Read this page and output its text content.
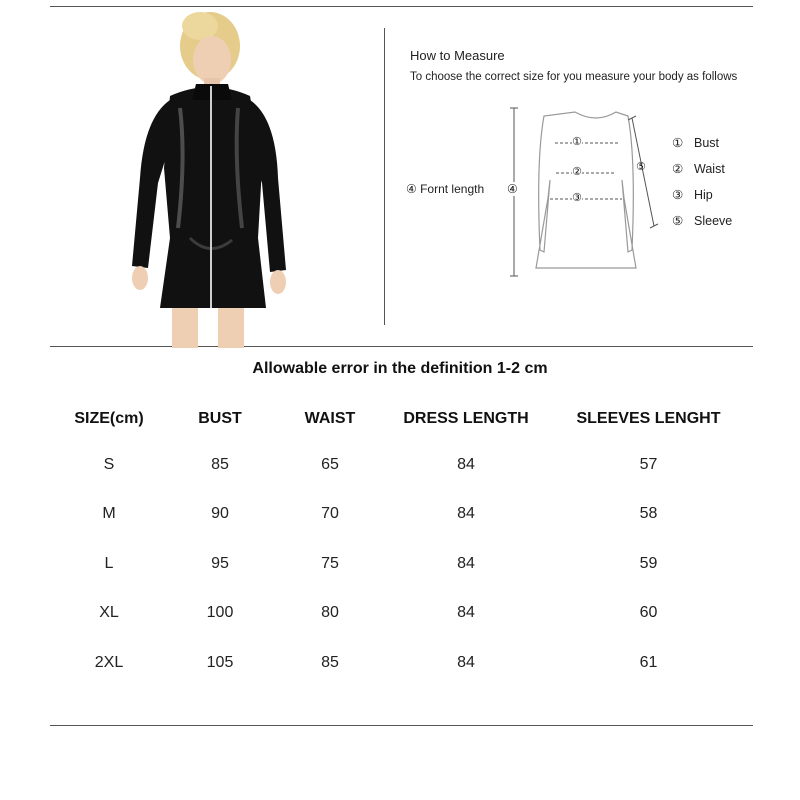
How to Measure
To choose the correct size for you measure your body as follows
①
②
③
⑤
④
④ Fornt length
① Bust
② Waist
③ Hip
⑤ Sleeve
Allowable error in the definition 1-2 cm
SIZE(cm)	BUST	WAIST	DRESS LENGTH	SLEEVES LENGHT
S	85	65	84	57
M	90	70	84	58
L	95	75	84	59
XL	100	80	84	60
2XL	105	85	84	61
